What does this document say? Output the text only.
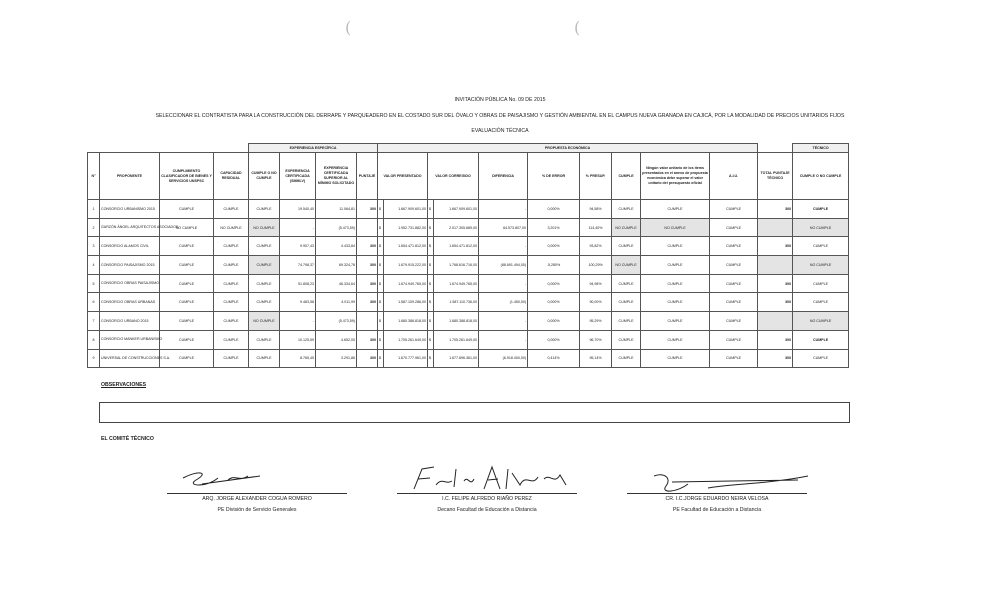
(	(
INVITACIÓN PÚBLICA No. 09 DE 2015
SELECCIONAR EL CONTRATISTA PARA LA CONSTRUCCIÓN DEL DERRAPE Y PARQUEADERO EN EL COSTADO SUR DEL ÓVALO Y OBRAS DE PAISAJISMO Y GESTIÓN AMBIENTAL EN EL CAMPUS NUEVA GRANADA EN CAJICÁ, POR LA MODALIDAD DE PRECIOS UNITARIOS FIJOS
EVALUACIÓN TÉCNICA
				EXPERIENCIA ESPECÍFICA				PROPUESTA ECONÓMICA											TÉCNICO
N°	PROPONENTE	CUMPLIMIENTO CLASIFICADOR DE BIENES Y SERVICIOS UNSPSC	CAPACIDAD RESIDUAL	CUMPLE O NO CUMPLE	EXPERIENCIA CERTIFICADA (SMMLV)	EXPERIENCIA CERTIFICADA SUPERIOR AL MÍNIMO SOLICITADO	PUNTAJE	VALOR PRESENTADO		VALOR CORREGIDO		DIFERENCIA	% DE ERROR	% PRESUP.	CUMPLE	Ningún valor unitario de los ítems presentados en el anexo de propuesta económica debe superar el valor unitario del presupuesto oficial	A.I.U.	TOTAL PUNTAJE TÉCNICO	CUMPLE O NO CUMPLE
1	CONSORCIO URBANISMO 2015	CUMPLE	CUMPLE	CUMPLE	19.540,40	11.064,81	300	$	1.667.909.601,00	$	1.667.909.601,00	-	0,000%	94,58%	CUMPLE	CUMPLE	CUMPLE	300	CUMPLE
2	GARZÓN ÁNGEL ARQUITECTOS ASOCIADOS	NO CUMPLE	NO CUMPLE	NO CUMPLE	-	(5.473,59)		$	1.952.731.882,00	$	2.017.305.689,00	64.573.807,00	3,201%	114,40%	NO CUMPLE	NO CUMPLE	CUMPLE		NO CUMPLE
3	CONSORCIO ALAMOS CIVIL	CUMPLE	CUMPLE	CUMPLE	9.907,43	4.433,84	300	$	1.654.471.812,00	$	1.654.471.812,00	-	0,000%	93,82%	CUMPLE	CUMPLE	CUMPLE	300	CUMPLE
4	CONSORCIO PAISAJISMO 2015	CUMPLE	CUMPLE	CUMPLE	74.798,37	69.324,78	300	$	1.679.915.222,00	$	1.768.616.716,00	(88.691.494,00)	-5,280%	100,29%	NO CUMPLE	CUMPLE	CUMPLE		NO CUMPLE
5	CONSORCIO OBRAS PAISAJISMO	CUMPLE	CUMPLE	CUMPLE	51.808,23	46.334,64	300	$	1.674.949.765,00	$	1.674.949.765,00	-	0,000%	94,98%	CUMPLE	CUMPLE	CUMPLE	300	CUMPLE
6	CONSORCIO OBRAS URBANAS	CUMPLE	CUMPLE	CUMPLE	9.483,58	4.011,99	300	$	1.587.109.286,00	$	1.587.110.736,00	(1.450,00)	0,000%	90,00%	CUMPLE	CUMPLE	CUMPLE	300	CUMPLE
7	CONSORCIO URBANO 2015	CUMPLE	CUMPLE	NO CUMPLE	-	(5.473,59)		$	1.680.388.818,00	$	1.680.388.818,00	-	0,000%	95,29%	CUMPLE	CUMPLE	CUMPLE		NO CUMPLE
8	CONSORCIO MANKER URBANISMO	CUMPLE	CUMPLE	CUMPLE	10.125,59	4.652,00	300	$	1.705.261.649,00	$	1.705.261.649,00	-	0,000%	96,70%	CUMPLE	CUMPLE	CUMPLE	300	CUMPLE
9	UNIVERSAL DE CONSTRUCCIONES S.A.	CUMPLE	CUMPLE	CUMPLE	8.765,45	3.291,86	300	$	1.670.777.961,00	$	1.677.696.361,00	(6.918.400,00)	0,414%	95,14%	CUMPLE	CUMPLE	CUMPLE	300	CUMPLE
OBSERVACIONES
EL COMITÉ TÉCNICO
ARQ. JORGE ALEXANDER COGUA ROMERO
PE División de Servicio Generales
I.C. FELIPE ALFREDO RIAÑO PEREZ
Decano Facultad de Educación a Distancia
CR. I.C.JORGE EDUARDO NEIRA VELOSA
PE Facultad de Educación a Distancia
